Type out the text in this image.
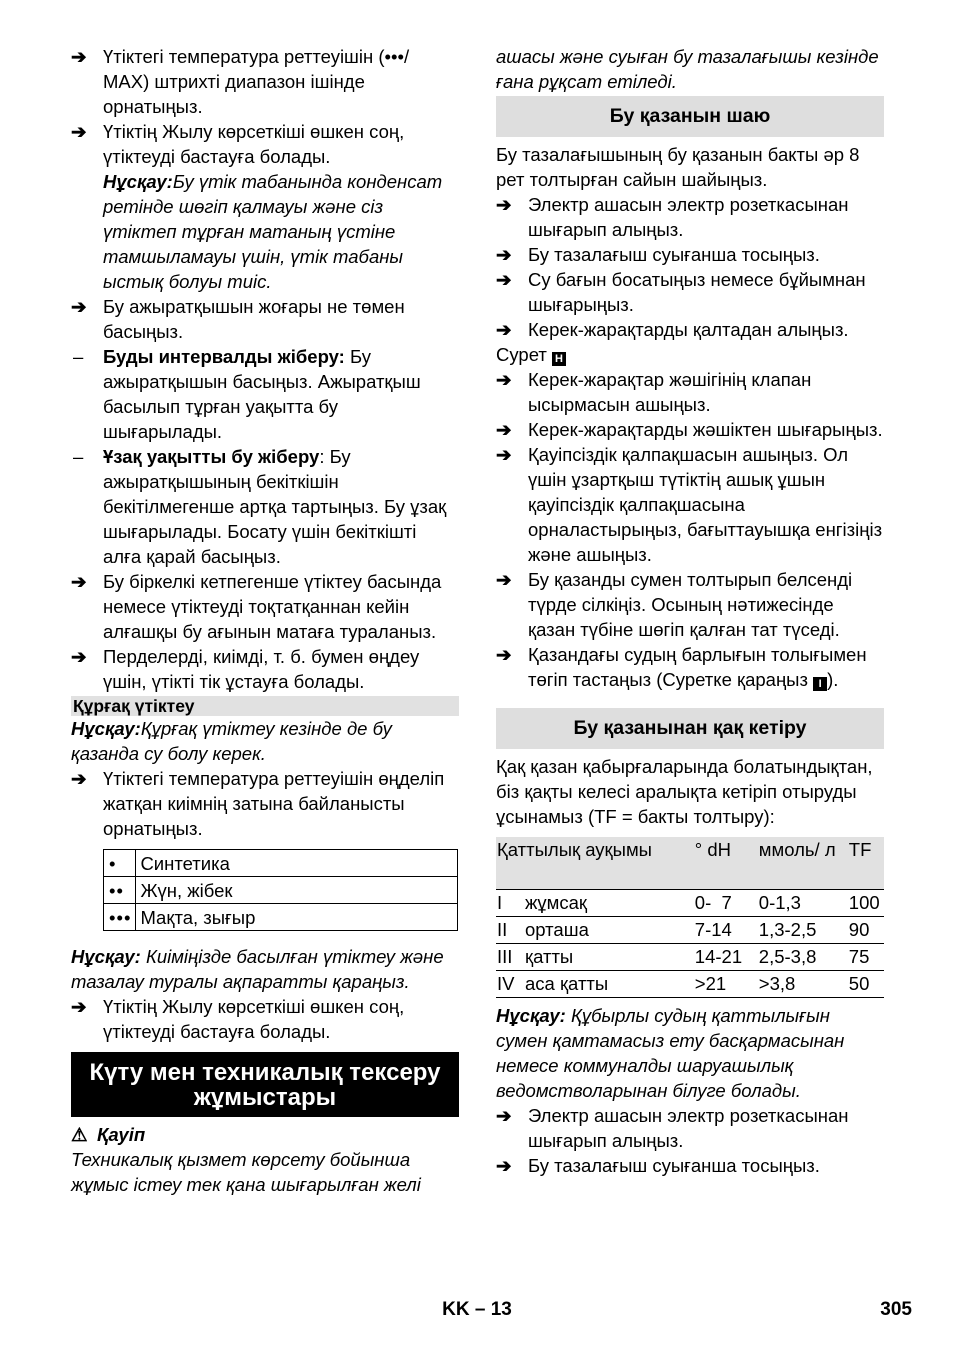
➔ Үтіктегі температура реттеуішін (•••/ MAX) штрихті диапазон ішінде орнатыңыз.
➔ Үтіктің Жылу көрсеткіші өшкен соң, үтіктеуді бастауға болады.
Нұсқау:Бу үтік табанында конденсат ретінде шөгіп қалмауы және сіз үтіктеп тұрған матаның үстіне тамшыламауы үшін, үтік табаны ыстық болуы тиіс.
➔ Бу ажыратқышын жоғары не төмен басыңыз.
– Буды интервалды жіберу: Бу ажыратқышын басыңыз. Ажыратқыш басылып тұрған уақытта бу шығарылады.
– Ұзақ уақытты бу жіберу: Бу ажыратқышының бекіткішін бекітілмегенше артқа тартыңыз. Бу ұзақ шығарылады. Босату үшін бекіткішті алға қарай басыңыз.
➔ Бу біркелкі кетпегенше үтіктеу басында немесе үтіктеуді тоқтатқаннан кейін алғашқы бу ағынын матаға тураланыз.
➔ Перделерді, киімді, т. б. бумен өңдеу үшін, үтікті тік ұстауға болады.
Құрғақ үтіктеу
Нұсқау:Құрғақ үтіктеу кезінде де бу қазанда су болу керек.
➔ Үтіктегі температура реттеуішін өңделіп жатқан киімнің затына байланысты орнатыңыз.
•	Синтетика
••	Жүн, жібек
•••	Мақта, зығыр
Нұсқау: Киіміңізде басылған үтіктеу және тазалау туралы ақпаратты қараңыз.
➔ Үтіктің Жылу көрсеткіші өшкен соң, үтіктеуді бастауға болады.
Күту мен техникалық тексеру жұмыстары
⚠ Қауіп
Техникалық қызмет көрсету бойынша жұмыс істеу тек қана шығарылған желі
ашасы және суыған бу тазалағышы кезінде ғана рұқсат етіледі.
Бу қазанын шаю
Бу тазалағышының бу қазанын бакты әр 8 рет толтырған сайын шайыңыз.
➔ Электр ашасын электр розеткасынан шығарып алыңыз.
➔ Бу тазалағыш суығанша тосыңыз.
➔ Су бағын босатыңыз немесе бұйымнан шығарыңыз.
➔ Керек-жарақтарды қалтадан алыңыз.
Сурет H
➔ Керек-жарақтар жәшігінің клапан ысырмасын ашыңыз.
➔ Керек-жарақтарды жәшіктен шығарыңыз.
➔ Қауіпсіздік қалпақшасын ашыңыз. Ол үшін ұзартқыш түтіктің ашық ұшын қауіпсіздік қалпақшасына орналастырыңыз, бағыттауышқа енгізіңіз және ашыңыз.
➔ Бу қазанды сумен толтырып белсенді түрде сілкіңіз. Осының нәтижесінде қазан түбіне шөгіп қалған тат түседі.
➔ Қазандағы судың барлығын толығымен төгіп тастаңыз (Суретке қараңыз I ).
Бу қазанынан қақ кетіру
Қақ қазан қабырғаларында болатындықтан, біз қақты келесі аралықта кетіріп отыруды ұсынамыз (TF = бакты толтыру):
Қаттылық ауқымы		° dH	ммоль/ л	TF
I	жұмсақ	0-  7	0-1,3	100
II	орташа	7-14	1,3-2,5	90
III	қатты	14-21	2,5-3,8	75
IV	аса қатты	>21	>3,8	50
Нұсқау: Құбырлы судың қаттылығын сумен қамтамасыз ету басқармасынан немесе коммуналды шаруашылық ведомстволарынан білуге болады.
➔ Электр ашасын электр розеткасынан шығарып алыңыз.
➔ Бу тазалағыш суығанша тосыңыз.
KK – 13	305
